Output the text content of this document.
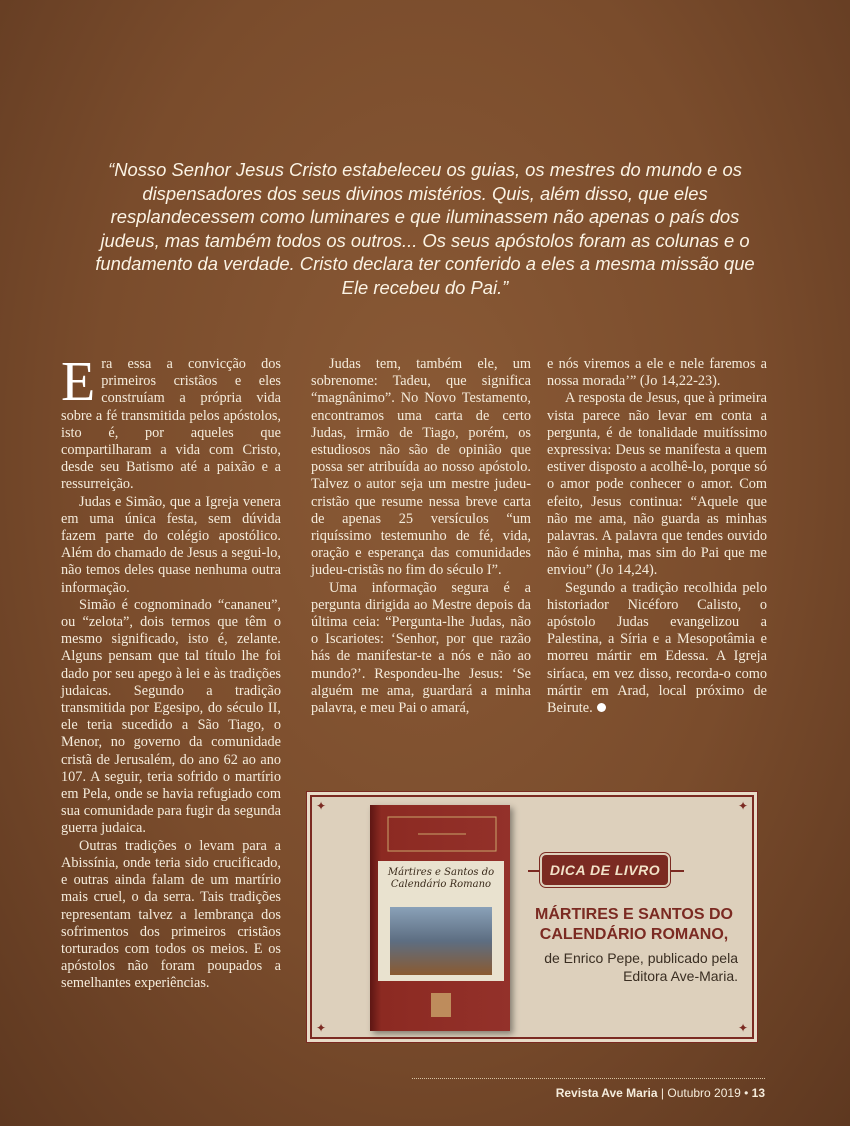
“Nosso Senhor Jesus Cristo estabeleceu os guias, os mestres do mundo e os dispensadores dos seus divinos mistérios. Quis, além disso, que eles resplandecessem como luminares e que iluminassem não apenas o país dos judeus, mas também todos os outros... Os seus apóstolos foram as colunas e o fundamento da verdade. Cristo declara ter conferido a eles a mesma missão que Ele recebeu do Pai.”

Era essa a convicção dos primeiros cristãos e eles construíam a própria vida sobre a fé transmitida pelos apóstolos, isto é, por aqueles que compartilharam a vida com Cristo, desde seu Batismo até a paixão e a ressurreição.

Judas e Simão, que a Igreja venera em uma única festa, sem dúvida fazem parte do colégio apostólico. Além do chamado de Jesus a segui-lo, não temos deles quase nenhuma outra informação.

Simão é cognominado “cananeu”, ou “zelota”, dois termos que têm o mesmo significado, isto é, zelante. Alguns pensam que tal título lhe foi dado por seu apego à lei e às tradições judaicas. Segundo a tradição transmitida por Egesipo, do século II, ele teria sucedido a São Tiago, o Menor, no governo da comunidade cristã de Jerusalém, do ano 62 ao ano 107. A seguir, teria sofrido o martírio em Pela, onde se havia refugiado com sua comunidade para fugir da segunda guerra judaica.

Outras tradições o levam para a Abissínia, onde teria sido crucificado, e outras ainda falam de um martírio mais cruel, o da serra. Tais tradições representam talvez a lembrança dos sofrimentos dos primeiros cristãos torturados com todos os meios. E os apóstolos não foram poupados a semelhantes experiências.

Judas tem, também ele, um sobrenome: Tadeu, que significa “magnânimo”. No Novo Testamento, encontramos uma carta de certo Judas, irmão de Tiago, porém, os estudiosos não são de opinião que possa ser atribuída ao nosso apóstolo. Talvez o autor seja um mestre judeu-cristão que resume nessa breve carta de apenas 25 versículos “um riquíssimo testemunho de fé, vida, oração e esperança das comunidades judeu-cristãs no fim do século I”.

Uma informação segura é a pergunta dirigida ao Mestre depois da última ceia: “Pergunta-lhe Judas, não o Iscariotes: ‘Senhor, por que razão hás de manifestar-te a nós e não ao mundo?’. Respondeu-lhe Jesus: ‘Se alguém me ama, guardará a minha palavra, e meu Pai o amará,

e nós viremos a ele e nele faremos a nossa morada’” (Jo 14,22-23).

A resposta de Jesus, que à primeira vista parece não levar em conta a pergunta, é de tonalidade muitíssimo expressiva: Deus se manifesta a quem estiver disposto a acolhê-lo, porque só o amor pode conhecer o amor. Com efeito, Jesus continua: “Aquele que não me ama, não guarda as minhas palavras. A palavra que tendes ouvido não é minha, mas sim do Pai que me enviou” (Jo 14,24).

Segundo a tradição recolhida pelo historiador Nicéforo Calisto, o apóstolo Judas evangelizou a Palestina, a Síria e a Mesopotâmia e morreu mártir em Edessa. A Igreja siríaca, em vez disso, recorda-o como mártir em Arad, local próximo de Beirute.

✦	✦
✦	✦
Mártires e Santos do Calendário Romano
DICA DE LIVRO
MÁRTIRES E SANTOS DO CALENDÁRIO ROMANO,
de Enrico Pepe, publicado pela Editora Ave-Maria.
Revista Ave Maria | Outubro 2019 • 13
